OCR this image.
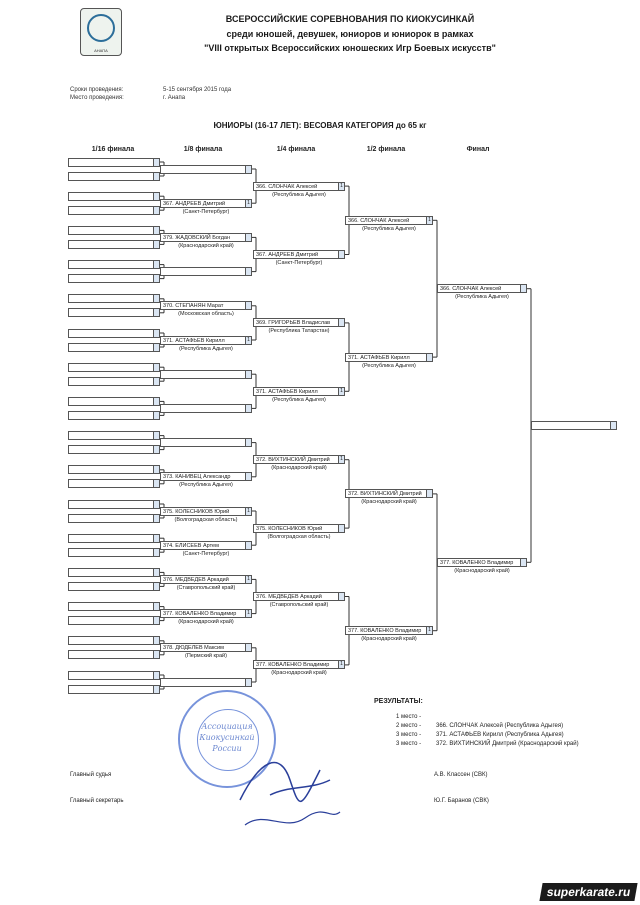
АНАПА
ВСЕРОССИЙСКИЕ СОРЕВНОВАНИЯ ПО КИОКУСИНКАЙ
среди юношей, девушек, юниоров и юниорок в рамках
"VIII открытых Всероссийских юношеских Игр Боевых искусств"
Сроки проведения:	5-15 сентября 2015 года
Место проведения:	г. Анапа
ЮНИОРЫ (16-17 ЛЕТ): ВЕСОВАЯ КАТЕГОРИЯ до 65 кг
1/16 финала	1/8 финала	1/4 финала	1/2 финала	Финал
367. АНДРЕЕВ Дмитрий	1
(Санкт-Петербург)
379. ЖАДОВСКИЙ Богдан
(Краснодарский край)
370. СТЕПАНЯН Марат
(Московская область)
371. АСТАФЬЕВ Кирилл	1
(Республика Адыгея)
373. КАНИВЕЦ Александр
(Республика Адыгея)
375. КОЛЕСНИКОВ Юрий	1
(Волгоградская область)
374. ЕЛИСЕЕВ Артем
(Санкт-Петербург)
376. МЕДВЕДЕВ Аркадий	1
(Ставропольский край)
377. КОВАЛЕНКО Владимир	1
(Краснодарский край)
378. ДЮДЕЛЕВ Максим
(Пермский край)
366. СЛОНЧАК Алексей	1
(Республика Адыгея)
367. АНДРЕЕВ Дмитрий
(Санкт-Петербург)
369. ГРИГОРЬЕВ Владислав
(Республика Татарстан)
371. АСТАФЬЕВ Кирилл	1
(Республика Адыгея)
372. ВИХТИНСКИЙ Дмитрий	1
(Краснодарский край)
375. КОЛЕСНИКОВ Юрий
(Волгоградская область)
376. МЕДВЕДЕВ Аркадий
(Ставропольский край)
377. КОВАЛЕНКО Владимир	1
(Краснодарский край)
366. СЛОНЧАК Алексей	1
(Республика Адыгея)
371. АСТАФЬЕВ Кирилл
(Республика Адыгея)
372. ВИХТИНСКИЙ Дмитрий
(Краснодарский край)
377. КОВАЛЕНКО Владимир	1
(Краснодарский край)
366. СЛОНЧАК Алексей
(Республика Адыгея)
377. КОВАЛЕНКО Владимир
(Краснодарский край)
РЕЗУЛЬТАТЫ:
1 место -
2 место - 366. СЛОНЧАК Алексей (Республика Адыгея)
3 место - 371. АСТАФЬЕВ Кирилл (Республика Адыгея)
3 место - 372. ВИХТИНСКИЙ Дмитрий (Краснодарский край)
Главный судья	А.В. Классен (СВК)
Главный секретарь	Ю.Г. Баранов (СВК)
Ассоциация
Киокусинкай
России
superkarate.ru
